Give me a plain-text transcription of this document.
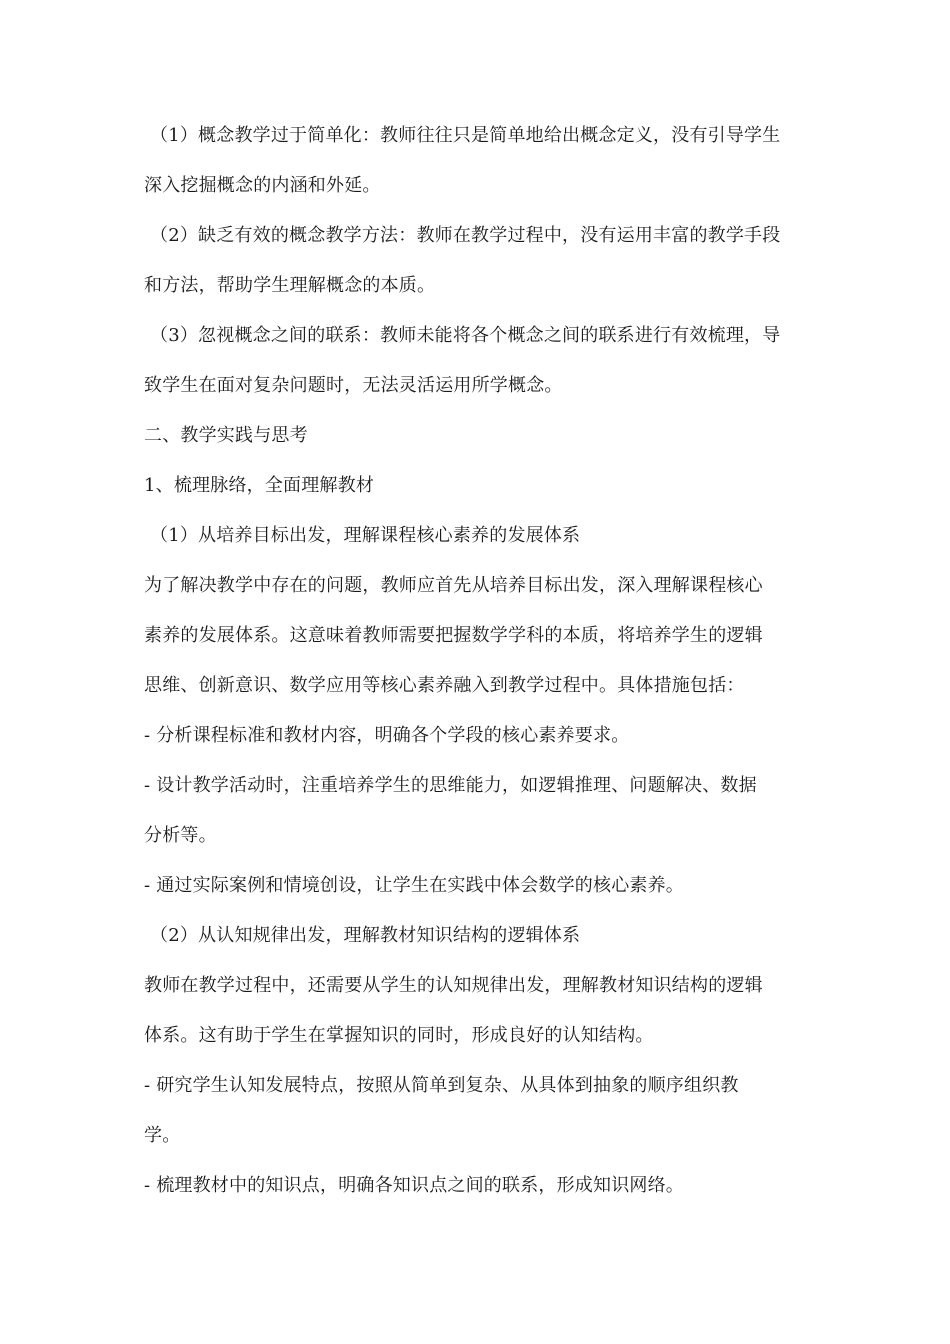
（1）概念教学过于简单化：教师往往只是简单地给出概念定义，没有引导学生
深入挖掘概念的内涵和外延。
（2）缺乏有效的概念教学方法：教师在教学过程中，没有运用丰富的教学手段
和方法，帮助学生理解概念的本质。
（3）忽视概念之间的联系：教师未能将各个概念之间的联系进行有效梳理，导
致学生在面对复杂问题时，无法灵活运用所学概念。
二、教学实践与思考
1、梳理脉络，全面理解教材
（1）从培养目标出发，理解课程核心素养的发展体系
为了解决教学中存在的问题，教师应首先从培养目标出发，深入理解课程核心
素养的发展体系。这意味着教师需要把握数学学科的本质，将培养学生的逻辑
思维、创新意识、数学应用等核心素养融入到教学过程中。具体措施包括：
- 分析课程标准和教材内容，明确各个学段的核心素养要求。
- 设计教学活动时，注重培养学生的思维能力，如逻辑推理、问题解决、数据
分析等。
- 通过实际案例和情境创设，让学生在实践中体会数学的核心素养。
（2）从认知规律出发，理解教材知识结构的逻辑体系
教师在教学过程中，还需要从学生的认知规律出发，理解教材知识结构的逻辑
体系。这有助于学生在掌握知识的同时，形成良好的认知结构。
- 研究学生认知发展特点，按照从简单到复杂、从具体到抽象的顺序组织教
学。
- 梳理教材中的知识点，明确各知识点之间的联系，形成知识网络。
